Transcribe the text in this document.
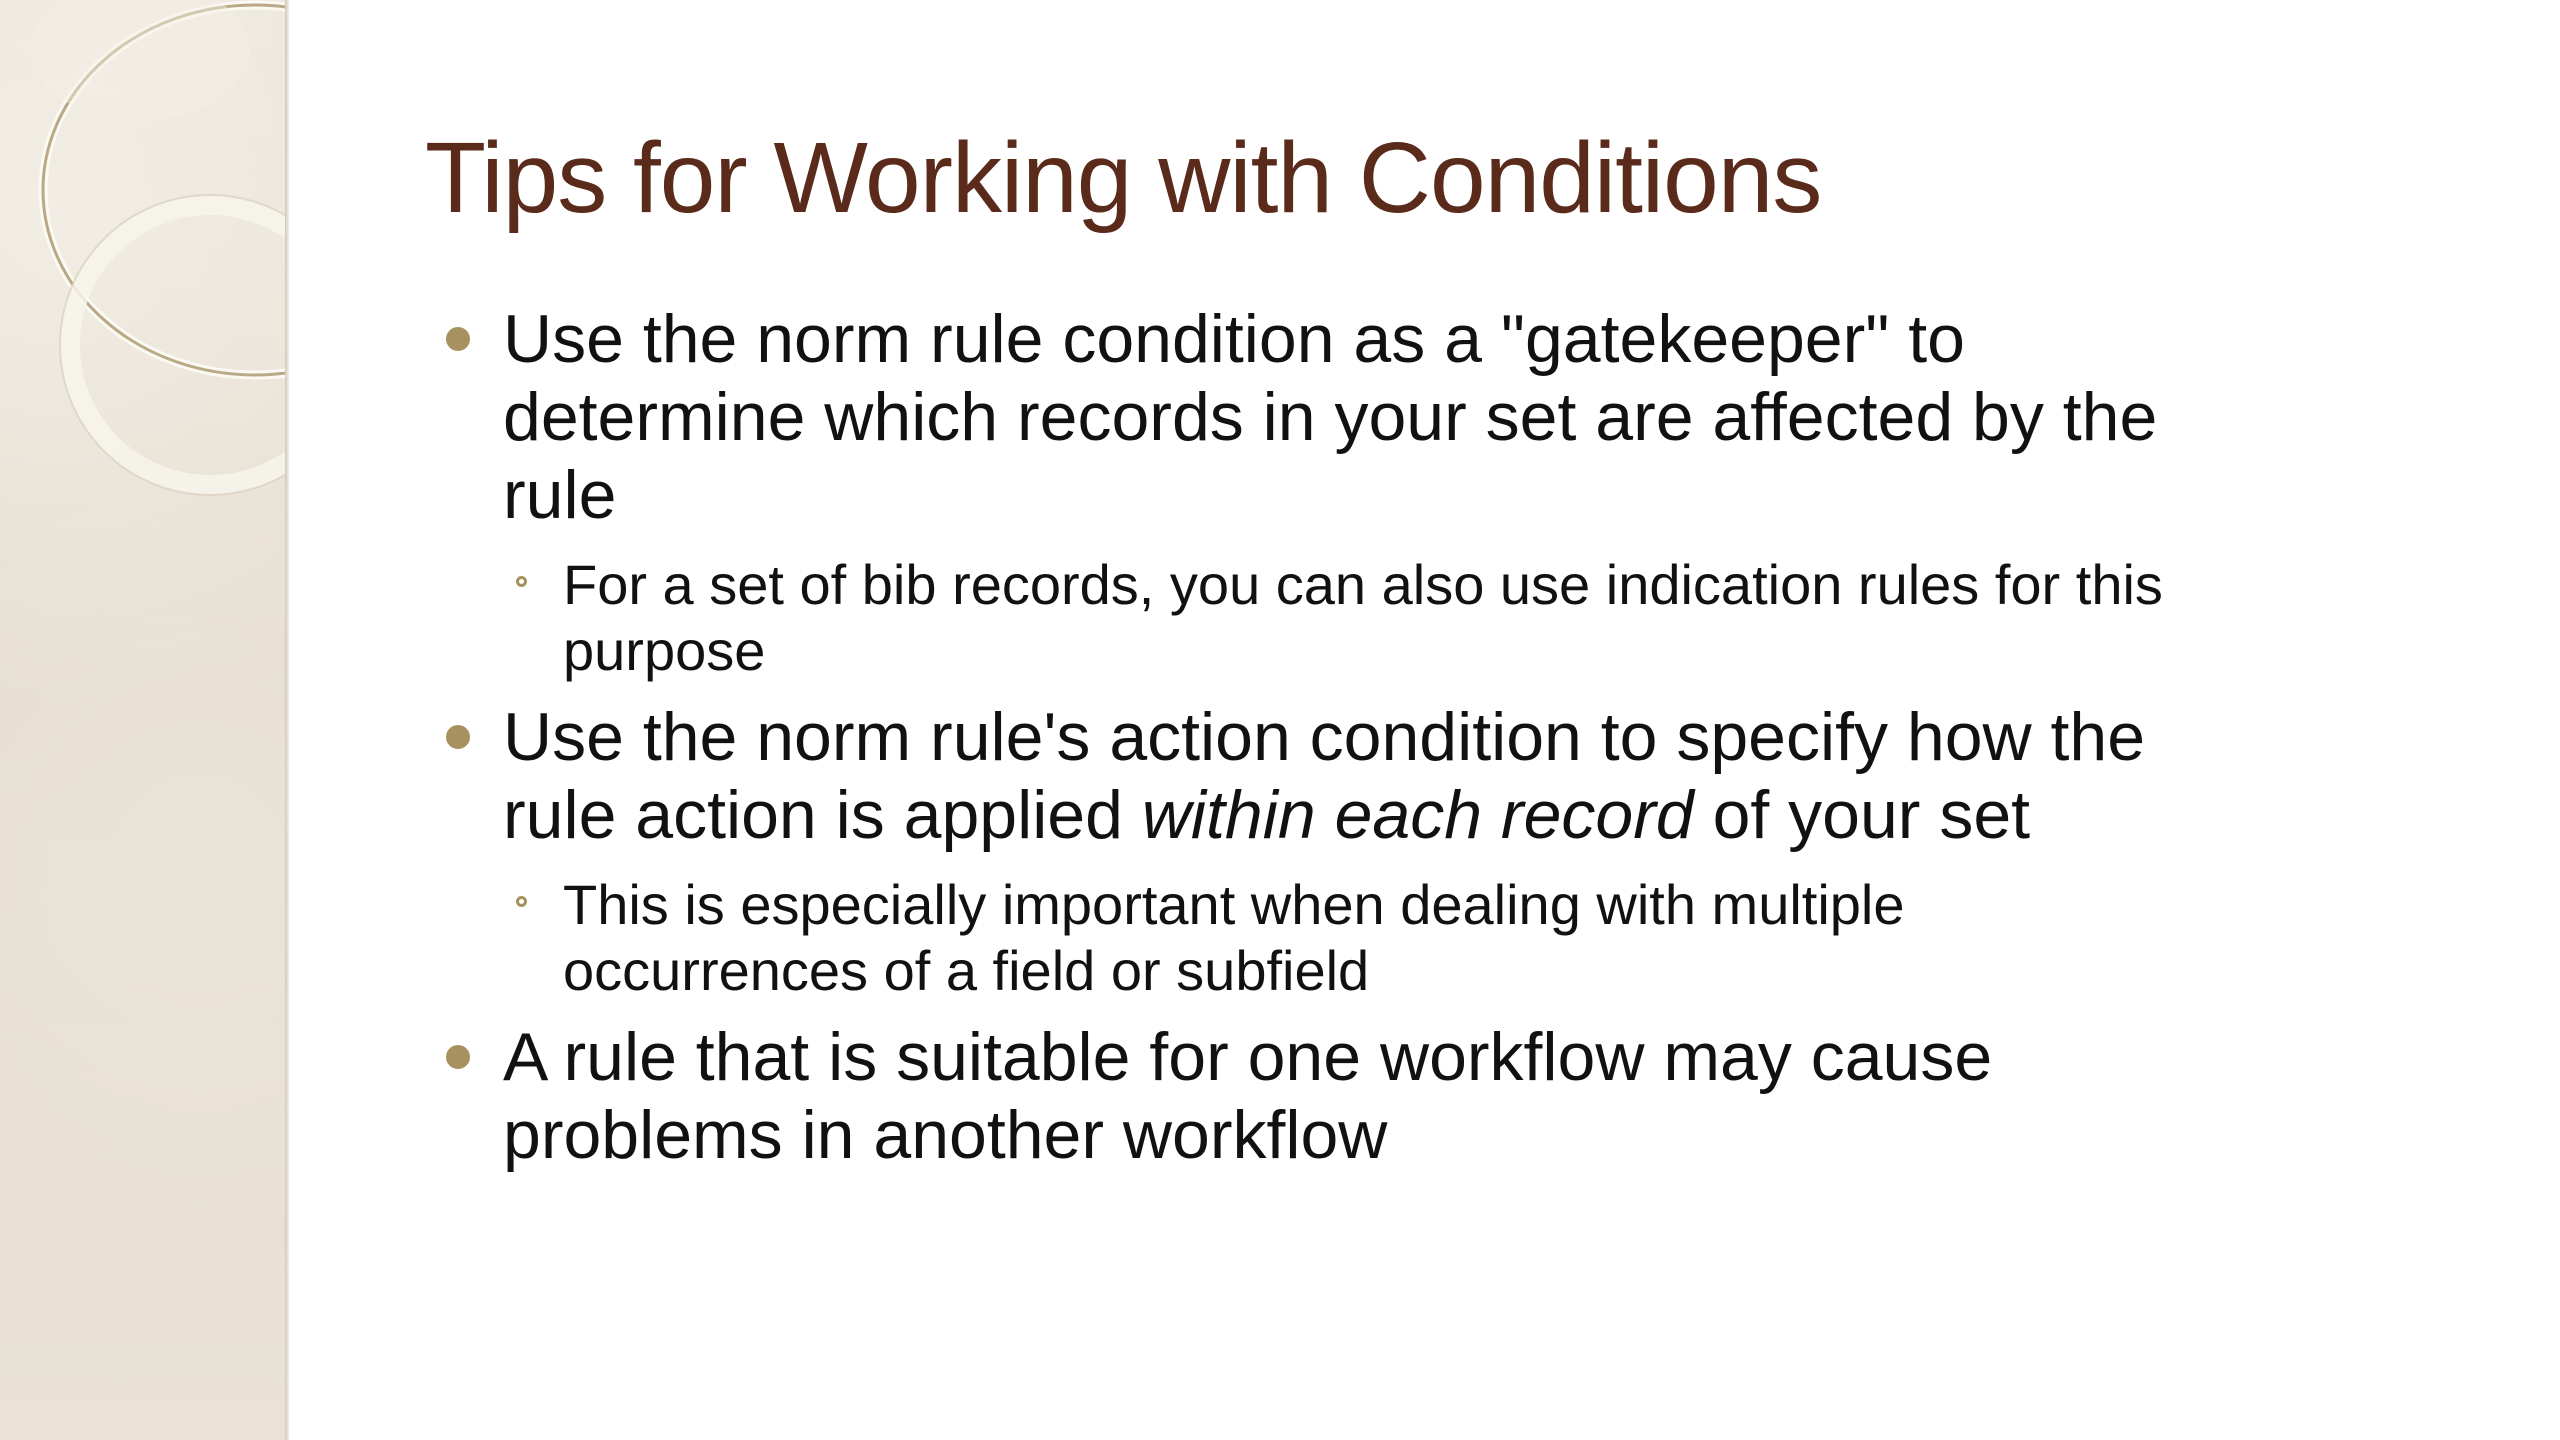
Tips for Working with Conditions
Use the norm rule condition as a "gatekeeper" to determine which records in your set are affected by the rule
For a set of bib records, you can also use indication rules for this purpose
Use the norm rule's action condition to specify how the rule action is applied within each record of your set
This is especially important when dealing with multiple occurrences of a field or subfield
A rule that is suitable for one workflow may cause problems in another workflow
